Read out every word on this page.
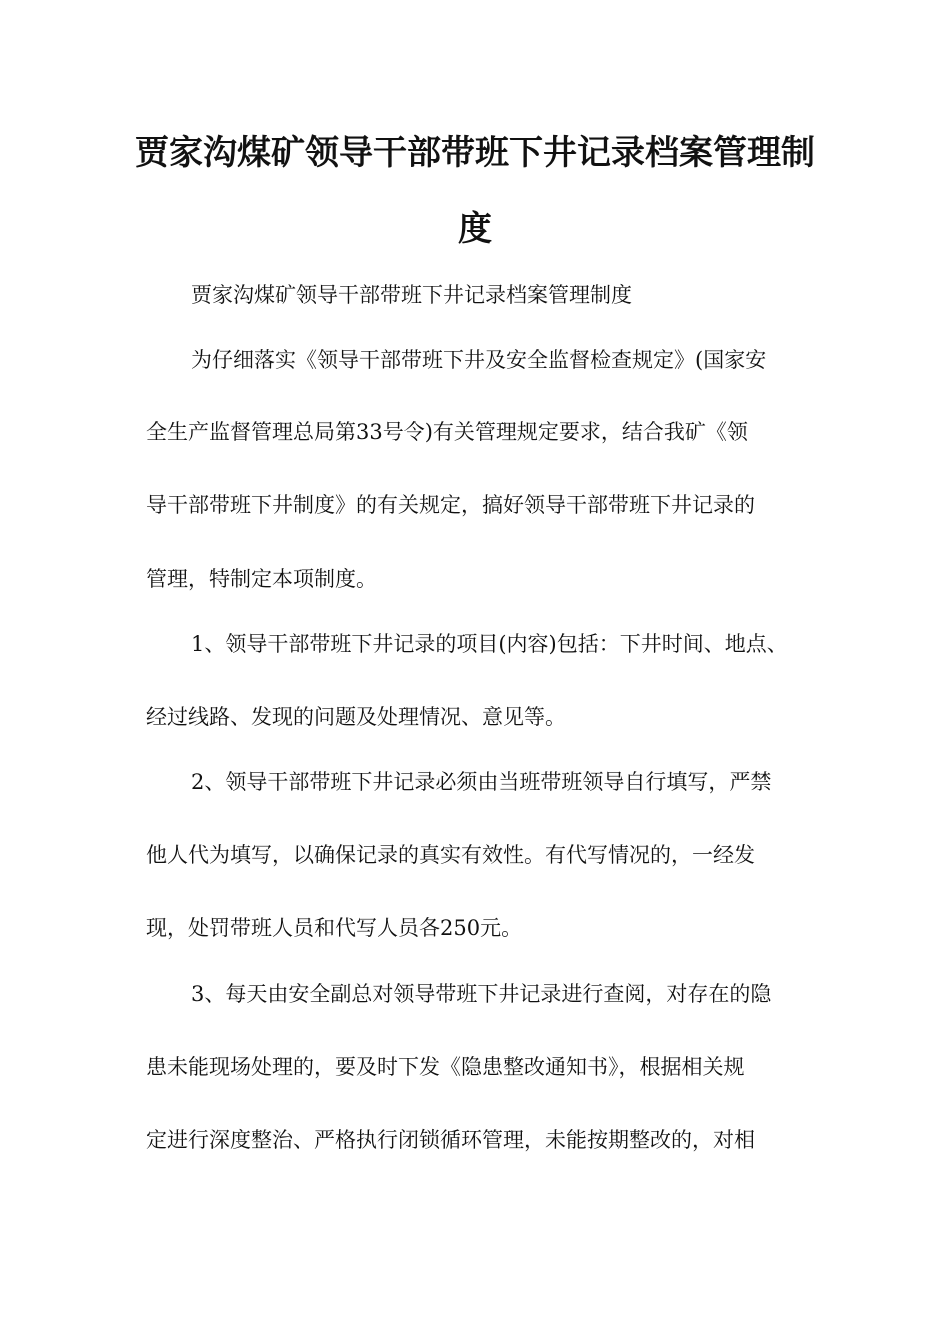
贾家沟煤矿领导干部带班下井记录档案管理制
度

贾家沟煤矿领导干部带班下井记录档案管理制度

为仔细落实《领导干部带班下井及安全监督检查规定》(国家安

全生产监督管理总局第33号令)有关管理规定要求，结合我矿《领

导干部带班下井制度》的有关规定，搞好领导干部带班下井记录的

管理，特制定本项制度。

1、领导干部带班下井记录的项目(内容)包括：下井时间、地点、

经过线路、发现的问题及处理情况、意见等。

2、领导干部带班下井记录必须由当班带班领导自行填写，严禁

他人代为填写，以确保记录的真实有效性。有代写情况的，一经发

现，处罚带班人员和代写人员各250元。

3、每天由安全副总对领导带班下井记录进行查阅，对存在的隐

患未能现场处理的，要及时下发《隐患整改通知书》，根据相关规

定进行深度整治、严格执行闭锁循环管理，未能按期整改的，对相
